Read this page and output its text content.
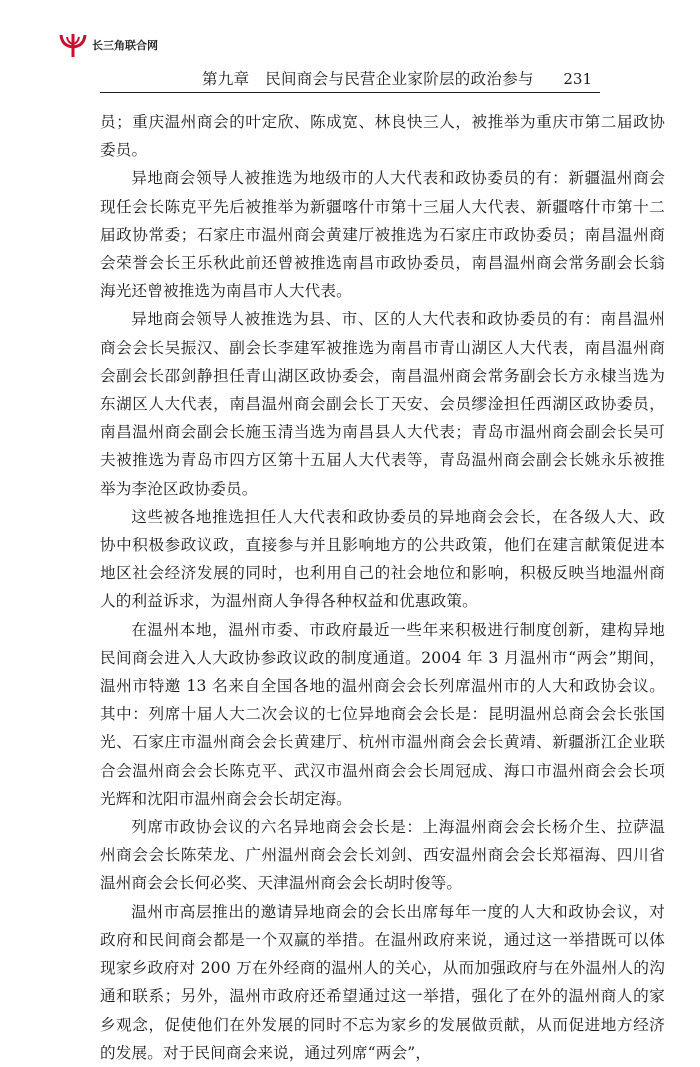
长三角联合网
第九章　民间商会与民营企业家阶层的政治参与 231

员；重庆温州商会的叶定欣、陈成宽、林良快三人，被推举为重庆市第二届政协委员。

异地商会领导人被推选为地级市的人大代表和政协委员的有：新疆温州商会现任会长陈克平先后被推举为新疆喀什市第十三届人大代表、新疆喀什市第十二届政协常委；石家庄市温州商会黄建厅被推选为石家庄市政协委员；南昌温州商会荣誉会长王乐秋此前还曾被推选南昌市政协委员，南昌温州商会常务副会长翁海光还曾被推选为南昌市人大代表。

异地商会领导人被推选为县、市、区的人大代表和政协委员的有：南昌温州商会会长吴振汉、副会长李建军被推选为南昌市青山湖区人大代表，南昌温州商会副会长邵剑静担任青山湖区政协委会，南昌温州商会常务副会长方永棣当选为东湖区人大代表，南昌温州商会副会长丁天安、会员缪淦担任西湖区政协委员，南昌温州商会副会长施玉清当选为南昌县人大代表；青岛市温州商会副会长吴可夫被推选为青岛市四方区第十五届人大代表等，青岛温州商会副会长姚永乐被推举为李沧区政协委员。

这些被各地推选担任人大代表和政协委员的异地商会会长，在各级人大、政协中积极参政议政，直接参与并且影响地方的公共政策，他们在建言献策促进本地区社会经济发展的同时，也利用自己的社会地位和影响，积极反映当地温州商人的利益诉求，为温州商人争得各种权益和优惠政策。

在温州本地，温州市委、市政府最近一些年来积极进行制度创新，建构异地民间商会进入人大政协参政议政的制度通道。2004 年 3 月温州市“两会”期间，温州市特邀 13 名来自全国各地的温州商会会长列席温州市的人大和政协会议。其中：列席十届人大二次会议的七位异地商会会长是：昆明温州总商会会长张国光、石家庄市温州商会会长黄建厅、杭州市温州商会会长黄靖、新疆浙江企业联合会温州商会会长陈克平、武汉市温州商会会长周冠成、海口市温州商会会长项光辉和沈阳市温州商会会长胡定海。

列席市政协会议的六名异地商会会长是：上海温州商会会长杨介生、拉萨温州商会会长陈荣龙、广州温州商会会长刘剑、西安温州商会会长郑福海、四川省温州商会会长何必奖、天津温州商会会长胡时俊等。

温州市高层推出的邀请异地商会的会长出席每年一度的人大和政协会议，对政府和民间商会都是一个双赢的举措。在温州政府来说，通过这一举措既可以体现家乡政府对 200 万在外经商的温州人的关心，从而加强政府与在外温州人的沟通和联系；另外，温州市政府还希望通过这一举措，强化了在外的温州商人的家乡观念，促使他们在外发展的同时不忘为家乡的发展做贡献，从而促进地方经济的发展。对于民间商会来说，通过列席“两会”，
